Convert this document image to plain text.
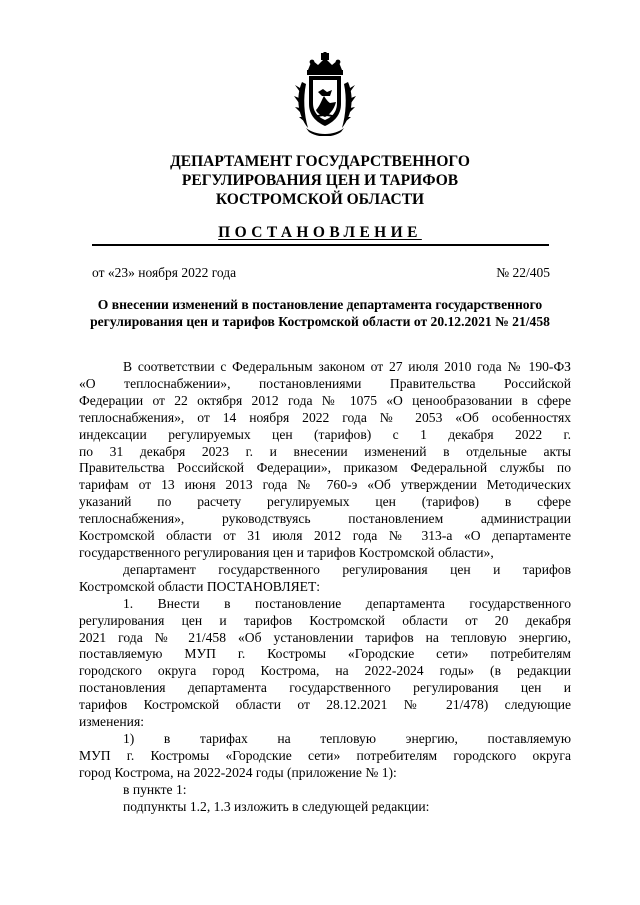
ДЕПАРТАМЕНТ ГОСУДАРСТВЕННОГО
РЕГУЛИРОВАНИЯ ЦЕН И ТАРИФОВ
КОСТРОМСКОЙ ОБЛАСТИ
ПОСТАНОВЛЕНИЕ
от «23» ноября 2022 года	№ 22/405
О внесении изменений в постановление департамента государственного
регулирования цен и тарифов Костромской области от 20.12.2021 № 21/458
В соответствии с Федеральным законом от 27 июля 2010 года № 190-ФЗ
«О теплоснабжении», постановлениями Правительства Российской
Федерации от 22 октября 2012 года № 1075 «О ценообразовании в сфере
теплоснабжения», от 14 ноября 2022 года № 2053 «Об особенностях
индексации регулируемых цен (тарифов) с 1 декабря 2022 г.
по 31 декабря 2023 г. и внесении изменений в отдельные акты
Правительства Российской Федерации», приказом Федеральной службы по
тарифам от 13 июня 2013 года № 760-э «Об утверждении Методических
указаний по расчету регулируемых цен (тарифов) в сфере
теплоснабжения», руководствуясь постановлением администрации
Костромской области от 31 июля 2012 года № 313-а «О департаменте
государственного регулирования цен и тарифов Костромской области»,
департамент государственного регулирования цен и тарифов
Костромской области ПОСТАНОВЛЯЕТ:
1. Внести в постановление департамента государственного
регулирования цен и тарифов Костромской области от 20 декабря
2021 года № 21/458 «Об установлении тарифов на тепловую энергию,
поставляемую МУП г. Костромы «Городские сети» потребителям
городского округа город Кострома, на 2022-2024 годы» (в редакции
постановления департамента государственного регулирования цен и
тарифов Костромской области от 28.12.2021 № 21/478) следующие
изменения:
1) в тарифах на тепловую энергию, поставляемую
МУП г. Костромы «Городские сети» потребителям городского округа
город Кострома, на 2022-2024 годы (приложение № 1):
в пункте 1:
подпункты 1.2, 1.3 изложить в следующей редакции:
